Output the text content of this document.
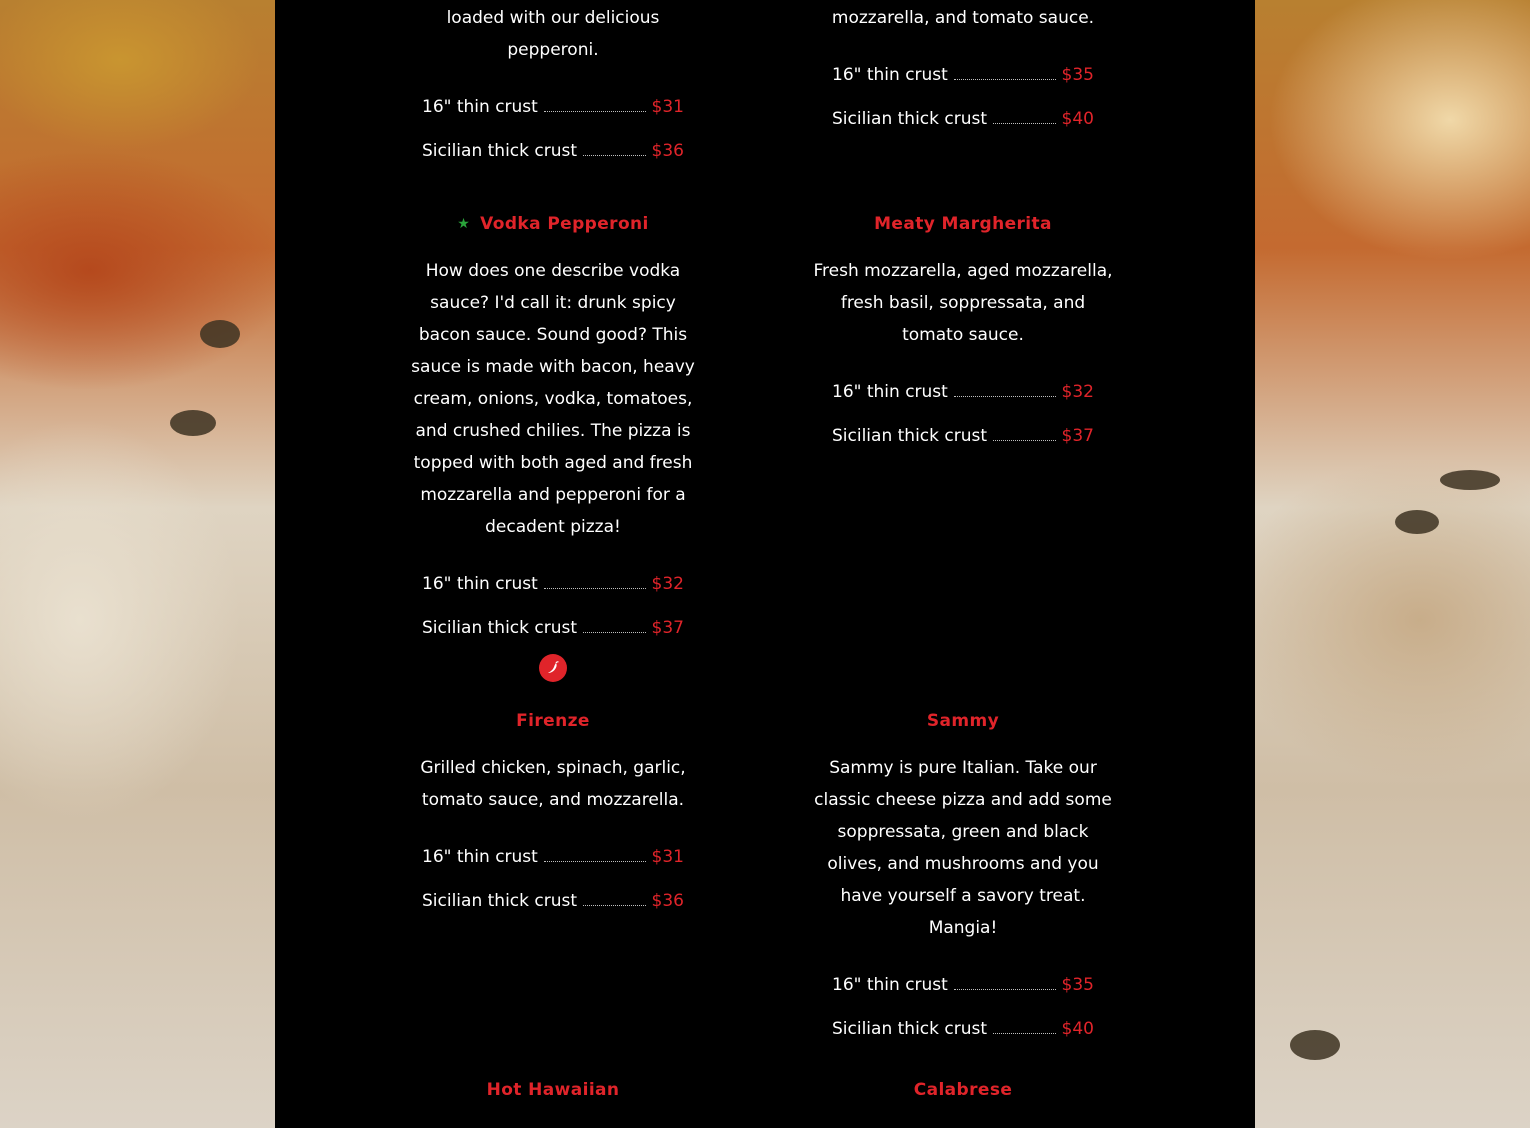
loaded with our delicious pepperoni.

16" thin crust	$31
Sicilian thick crust	$36

mozzarella, and tomato sauce.

16" thin crust	$35
Sicilian thick crust	$40
★ Vodka Pepperoni

How does one describe vodka sauce? I'd call it: drunk spicy bacon sauce. Sound good? This sauce is made with bacon, heavy cream, onions, vodka, tomatoes, and crushed chilies. The pizza is topped with both aged and fresh mozzarella and pepperoni for a decadent pizza!

16" thin crust	$32
Sicilian thick crust	$37
Meaty Margherita

Fresh mozzarella, aged mozzarella, fresh basil, soppressata, and tomato sauce.

16" thin crust	$32
Sicilian thick crust	$37
Firenze

Grilled chicken, spinach, garlic, tomato sauce, and mozzarella.

16" thin crust	$31
Sicilian thick crust	$36
Sammy

Sammy is pure Italian. Take our classic cheese pizza and add some soppressata, green and black olives, and mushrooms and you have yourself a savory treat. Mangia!

16" thin crust	$35
Sicilian thick crust	$40
Hot Hawaiian	Calabrese
